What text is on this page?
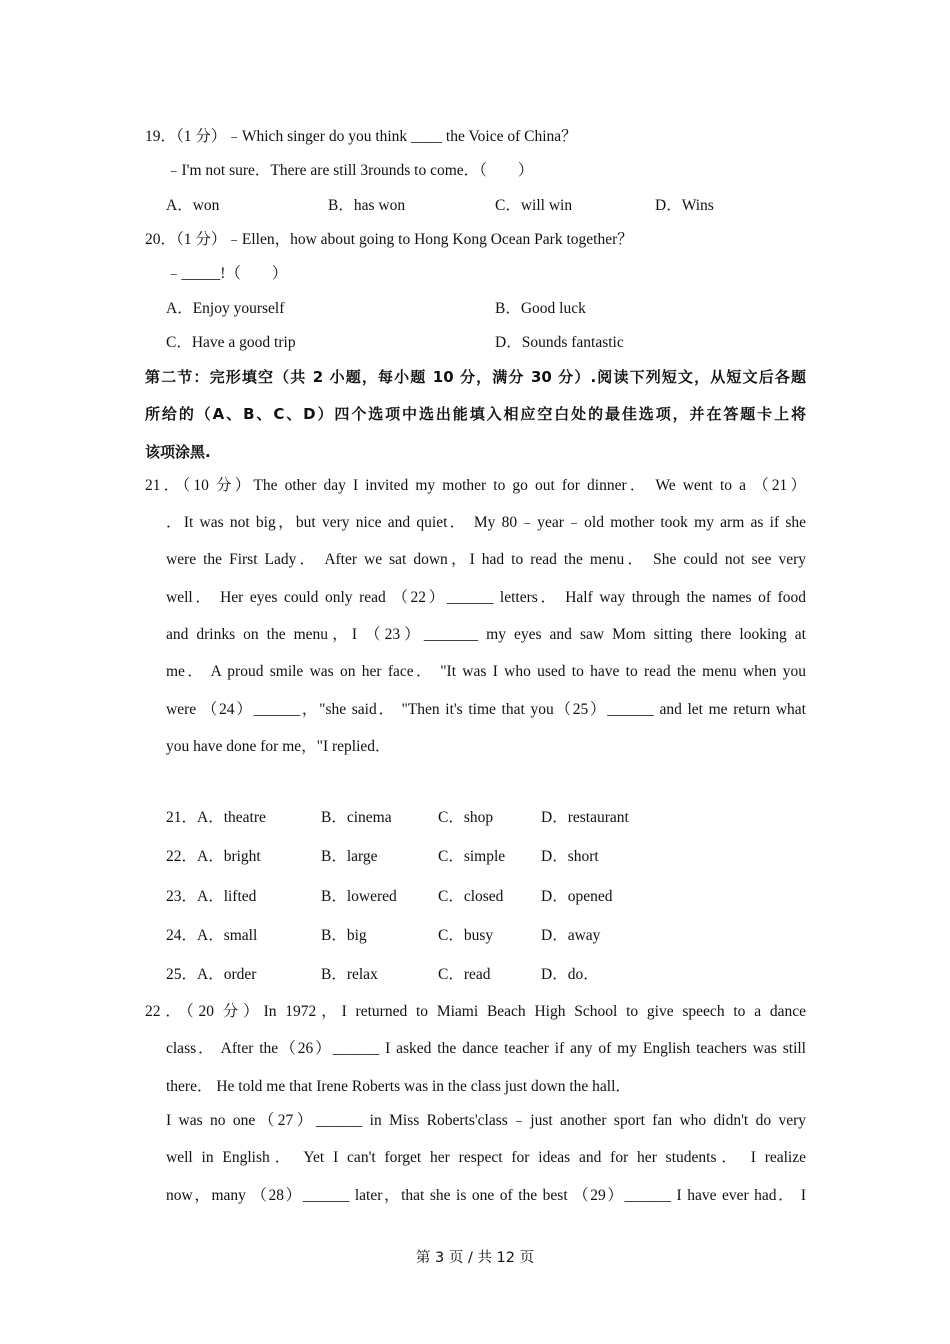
19．（1 分）﹣Which singer do you think ____ the Voice of China？
﹣I'm not sure．There are still 3rounds to come．（　　）
A．won	B．has won	C．will win	D．Wins
20．（1 分）﹣Ellen，how about going to Hong Kong Ocean Park together？
﹣_____!（　　）
A．Enjoy yourself	B．Good luck
C．Have a good trip	D．Sounds fantastic
第二节：完形填空（共 2 小题，每小题 10 分，满分 30 分）.阅读下列短文，从短文后各题
所给的（A、B、C、D）四个选项中选出能填入相应空白处的最佳选项，并在答题卡上将
该项涂黑.
21．（10 分）The other day I invited my mother to go out for dinner． We went to a （21）
．It was not big，but very nice and quiet． My 80﹣year﹣old mother took my arm as if she
were the First Lady． After we sat down，I had to read the menu． She could not see very
well． Her eyes could only read （22）______ letters． Half way through the names of food
and drinks on the menu，I （23）_______ my eyes and saw Mom sitting there looking at
me． A proud smile was on her face． "It was I who used to have to read the menu when you
were （24）______，"she said． "Then it's time that you（25）______ and let me return what
you have done for me，"I replied．
21．A．theatre	B．cinema	C．shop	D．restaurant
22．A．bright	B．large	C．simple D．short
23．A．lifted	B．lowered	C．closed D．opened
24．A．small	B．big	C．busy	D．away
25．A．order	B．relax	C．read	D．do．
22．（20 分）In 1972，I returned to Miami Beach High School to give speech to a dance
class． After the（26）______ I asked the dance teacher if any of my English teachers was still
there． He told me that Irene Roberts was in the class just down the hall．
I was no one（27）______ in Miss Roberts'class﹣just another sport fan who didn't do very
well in English． Yet I can't forget her respect for ideas and for her students． I realize
now，many （28）______ later，that she is one of the best （29）______ I have ever had． I
第 3 页 / 共 12 页
